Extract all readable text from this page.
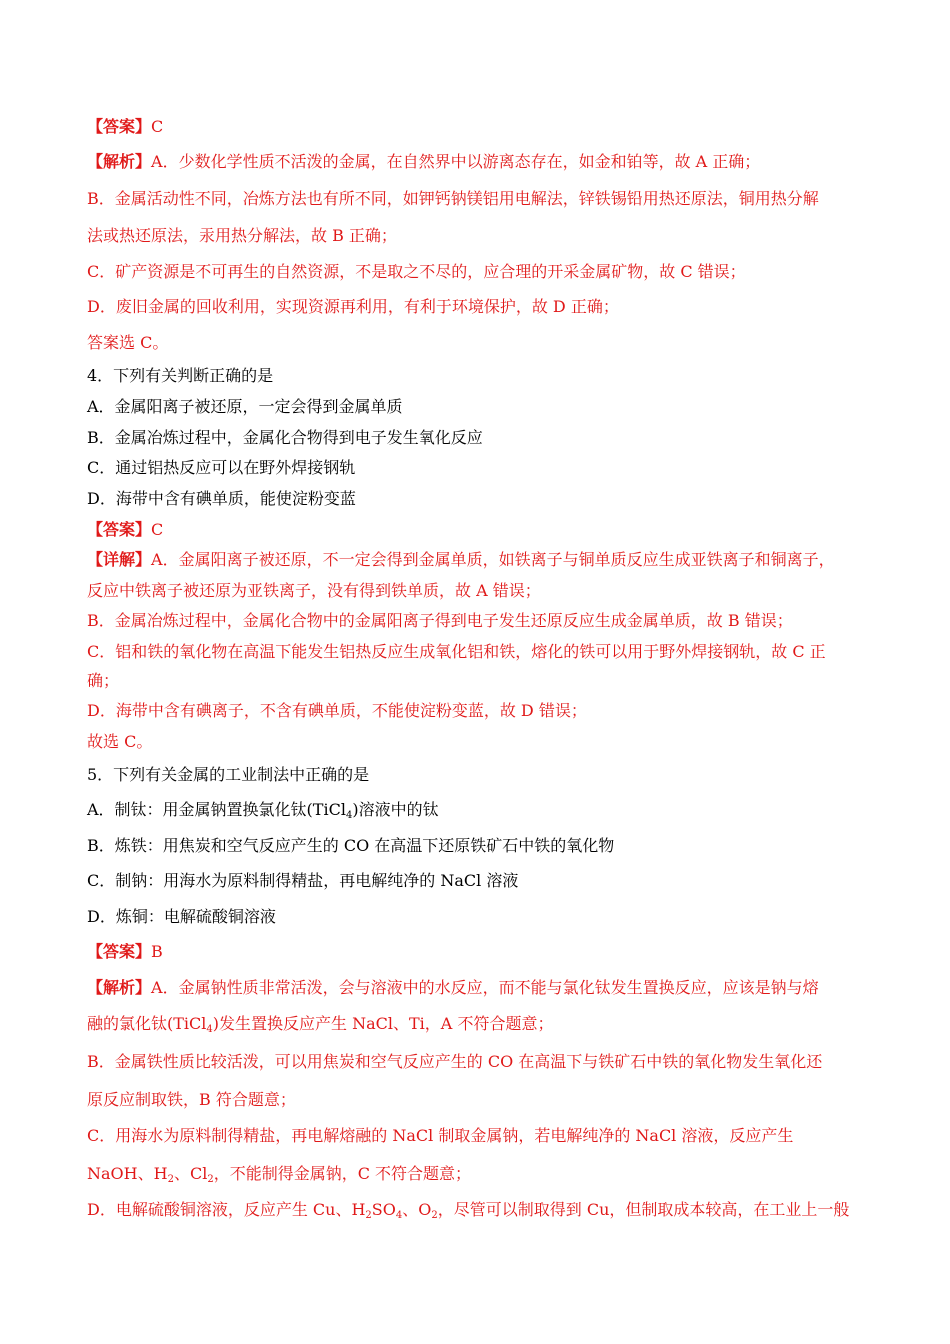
【答案】C
【解析】A．少数化学性质不活泼的金属，在自然界中以游离态存在，如金和铂等，故 A 正确；
B．金属活动性不同，冶炼方法也有所不同，如钾钙钠镁铝用电解法，锌铁锡铅用热还原法，铜用热分解
法或热还原法，汞用热分解法，故 B 正确；
C．矿产资源是不可再生的自然资源，不是取之不尽的，应合理的开采金属矿物，故 C 错误；
D．废旧金属的回收利用，实现资源再利用，有利于环境保护，故 D 正确；
答案选 C。
4．下列有关判断正确的是
A．金属阳离子被还原，一定会得到金属单质
B．金属冶炼过程中，金属化合物得到电子发生氧化反应
C．通过铝热反应可以在野外焊接钢轨
D．海带中含有碘单质，能使淀粉变蓝
【答案】C
【详解】A．金属阳离子被还原，不一定会得到金属单质，如铁离子与铜单质反应生成亚铁离子和铜离子，
反应中铁离子被还原为亚铁离子，没有得到铁单质，故 A 错误；
B．金属冶炼过程中，金属化合物中的金属阳离子得到电子发生还原反应生成金属单质，故 B 错误；
C．铝和铁的氧化物在高温下能发生铝热反应生成氧化铝和铁，熔化的铁可以用于野外焊接钢轨，故 C 正
确；
D．海带中含有碘离子，不含有碘单质，不能使淀粉变蓝，故 D 错误；
故选 C。
5．下列有关金属的工业制法中正确的是
A．制钛：用金属钠置换氯化钛(TiCl$_4$)溶液中的钛
B．炼铁：用焦炭和空气反应产生的 CO 在高温下还原铁矿石中铁的氧化物
C．制钠：用海水为原料制得精盐，再电解纯净的 NaCl 溶液
D．炼铜：电解硫酸铜溶液
【答案】B
【解析】A．金属钠性质非常活泼，会与溶液中的水反应，而不能与氯化钛发生置换反应，应该是钠与熔
融的氯化钛(TiCl$_4$)发生置换反应产生 NaCl、Ti，A 不符合题意；
B．金属铁性质比较活泼，可以用焦炭和空气反应产生的 CO 在高温下与铁矿石中铁的氧化物发生氧化还
原反应制取铁，B 符合题意；
C．用海水为原料制得精盐，再电解熔融的 NaCl 制取金属钠，若电解纯净的 NaCl 溶液，反应产生
NaOH、$H_2$、$Cl_2$，不能制得金属钠，C 不符合题意；
D．电解硫酸铜溶液，反应产生 Cu、$H_2SO_4$、$O_2$，尽管可以制取得到 Cu，但制取成本较高，在工业上一般
